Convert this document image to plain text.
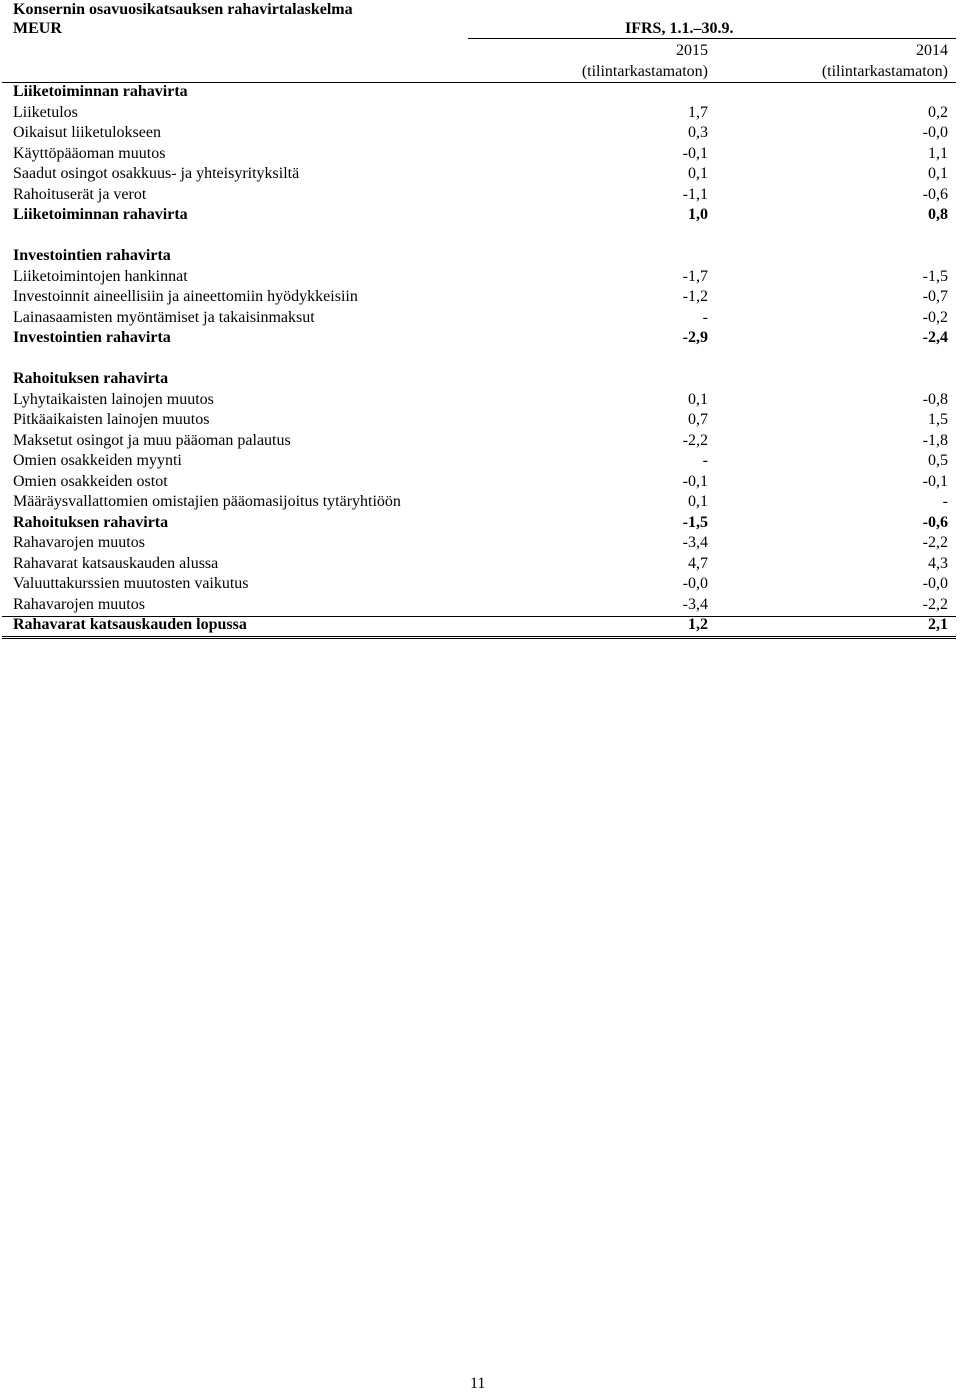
Konsernin osavuosikatsauksen rahavirtalaskelma
MEUR	IFRS, 1.1.–30.9.
2015	2014
(tilintarkastamaton)	(tilintarkastamaton)
Liiketoiminnan rahavirta
Liiketulos	1,7	0,2
Oikaisut liiketulokseen	0,3	-0,0
Käyttöpääoman muutos	-0,1	1,1
Saadut osingot osakkuus- ja yhteisyrityksiltä	0,1	0,1
Rahoituserät ja verot	-1,1	-0,6
Liiketoiminnan rahavirta	1,0	0,8
Investointien rahavirta
Liiketoimintojen hankinnat	-1,7	-1,5
Investoinnit aineellisiin ja aineettomiin hyödykkeisiin	-1,2	-0,7
Lainasaamisten myöntämiset ja takaisinmaksut	-	-0,2
Investointien rahavirta	-2,9	-2,4
Rahoituksen rahavirta
Lyhytaikaisten lainojen muutos	0,1	-0,8
Pitkäaikaisten lainojen muutos	0,7	1,5
Maksetut osingot ja muu pääoman palautus	-2,2	-1,8
Omien osakkeiden myynti	-	0,5
Omien osakkeiden ostot	-0,1	-0,1
Määräysvallattomien omistajien pääomasijoitus tytäryhtiöön	0,1	-
Rahoituksen rahavirta	-1,5	-0,6
Rahavarojen muutos	-3,4	-2,2
Rahavarat katsauskauden alussa	4,7	4,3
Valuuttakurssien muutosten vaikutus	-0,0	-0,0
Rahavarojen muutos	-3,4	-2,2
Rahavarat katsauskauden lopussa	1,2	2,1
11
